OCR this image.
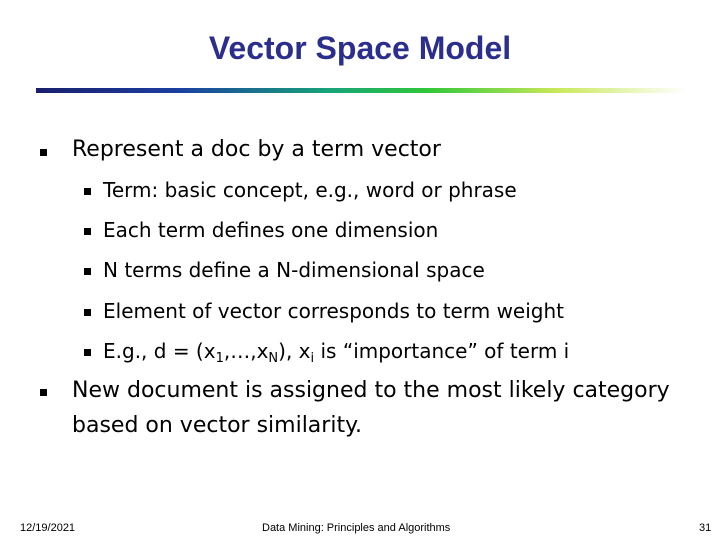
Vector Space Model
Represent a doc by a term vector
Term: basic concept, e.g., word or phrase
Each term defines one dimension
N terms define a N-dimensional space
Element of vector corresponds to term weight
E.g., $d = (x_1,\dots,x_N)$, $x_i$ is “importance” of term i
New document is assigned to the most likely category
based on vector similarity.
12/19/2021	Data Mining: Principles and Algorithms	31
